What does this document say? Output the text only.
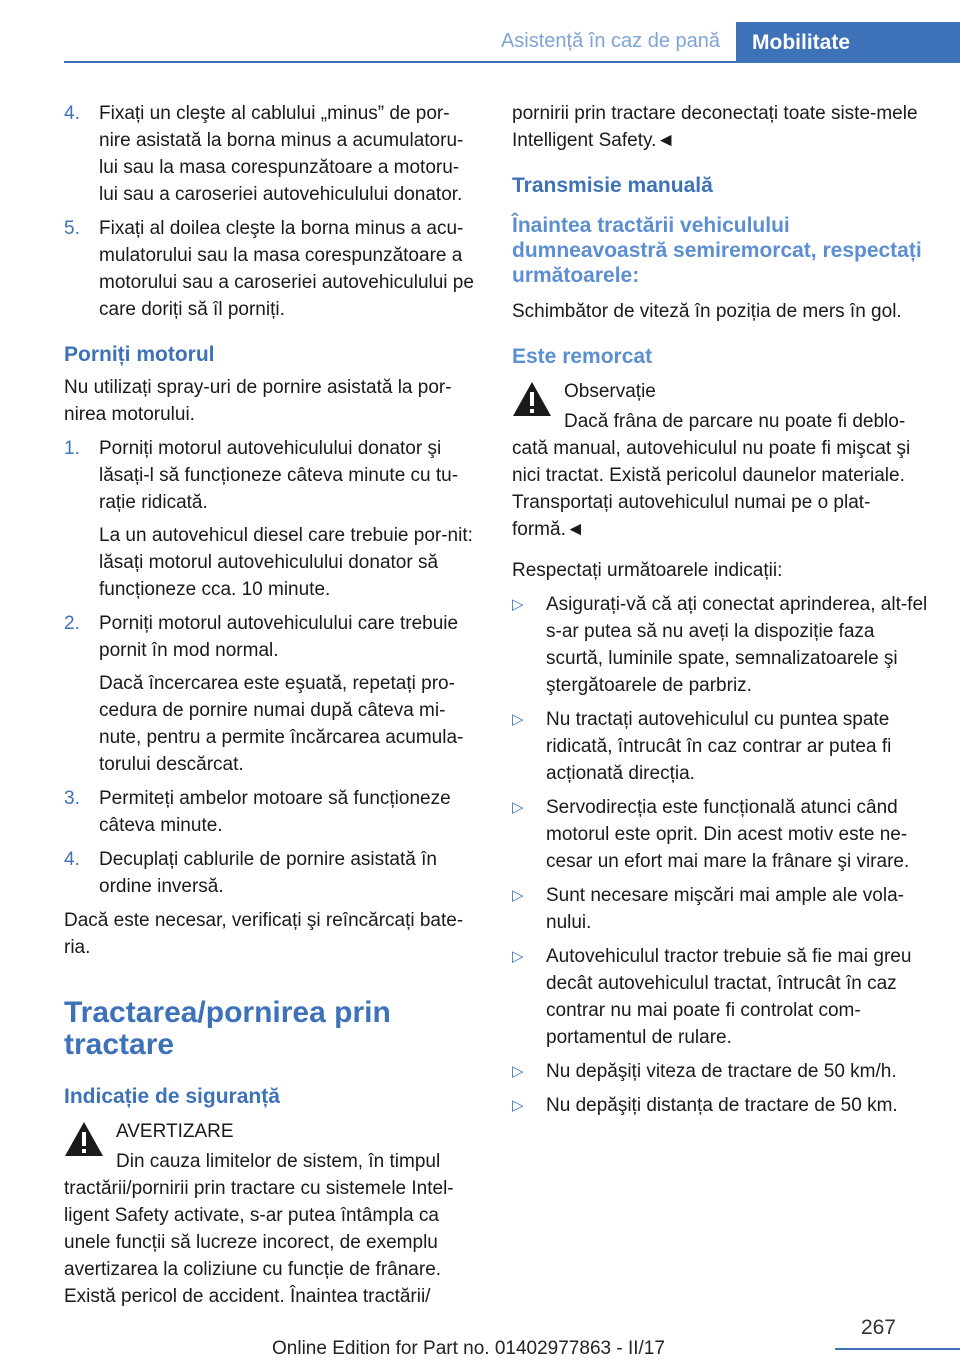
Asistență în caz de pană	Mobilitate
4. Fixați un cleşte al cablului „minus” de por-nire asistată la borna minus a acumulatoru-lui sau la masa corespunzătoare a motoru-lui sau a caroseriei autovehiculului donator.
5. Fixați al doilea cleşte la borna minus a acu-mulatorului sau la masa corespunzătoare a motorului sau a caroseriei autovehiculului pe care doriți să îl porniți.
Porniți motorul

Nu utilizați spray-uri de pornire asistată la por-nirea motorului.

1. Porniți motorul autovehiculului donator şi lăsați-l să funcționeze câteva minute cu tu-rație ridicată.

La un autovehicul diesel care trebuie por-nit: lăsați motorul autovehiculului donator să funcționeze cca. 10 minute.

2. Porniți motorul autovehiculului care trebuie pornit în mod normal.

Dacă încercarea este eşuată, repetați pro-cedura de pornire numai după câteva mi-nute, pentru a permite încărcarea acumula-torului descărcat.

3. Permiteți ambelor motoare să funcționeze câteva minute.
4. Decuplați cablurile de pornire asistată în ordine inversă.

Dacă este necesar, verificați şi reîncărcați bate-ria.

Tractarea/pornirea prin tractare
Indicație de siguranță
AVERTIZARE
Din cauza limitelor de sistem, în timpul tractării/pornirii prin tractare cu sistemele Intel-ligent Safety activate, s-ar putea întâmpla ca unele funcții să lucreze incorect, de exemplu avertizarea la coliziune cu funcție de frânare. Există pericol de accident. Înaintea tractării/

pornirii prin tractare deconectați toate siste-mele Intelligent Safety.◄

Transmisie manuală
Înaintea tractării vehiculului dumneavoastră semiremorcat, respectați următoarele:

Schimbător de viteză în poziția de mers în gol.

Este remorcat
Observație
Dacă frâna de parcare nu poate fi deblo-cată manual, autovehiculul nu poate fi mişcat şi nici tractat. Există pericolul daunelor materiale. Transportați autovehiculul numai pe o plat-formă.◄

Respectați următoarele indicații:

▷ Asigurați-vă că ați conectat aprinderea, alt-fel s-ar putea să nu aveți la dispoziție faza scurtă, luminile spate, semnalizatoarele şi ştergătoarele de parbriz.
▷ Nu tractați autovehiculul cu puntea spate ridicată, întrucât în caz contrar ar putea fi acționată direcția.
▷ Servodirecția este funcțională atunci când motorul este oprit. Din acest motiv este ne-cesar un efort mai mare la frânare şi virare.
▷ Sunt necesare mişcări mai ample ale vola-nului.
▷ Autovehiculul tractor trebuie să fie mai greu decât autovehiculul tractat, întrucât în caz contrar nu mai poate fi controlat com-portamentul de rulare.
▷ Nu depăşiți viteza de tractare de 50 km/h.
▷ Nu depăşiți distanța de tractare de 50 km.
267
Online Edition for Part no. 01402977863 - II/17
